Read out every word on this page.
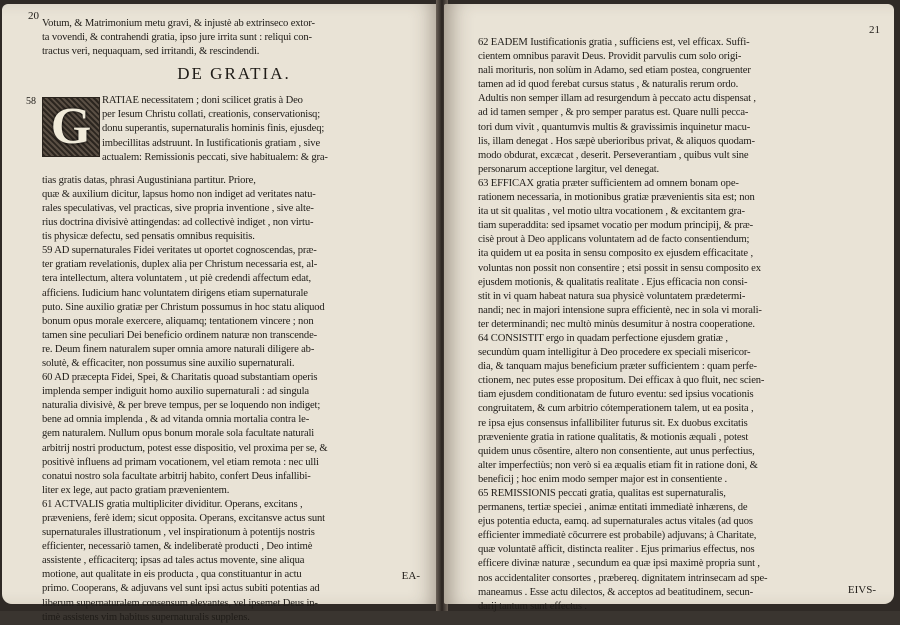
20
Votum, & Matrimonium metu gravi, & injustè ab extrinseco extor-
ta vovendi, & contrahendi gratia, ipso jure irrita sunt : reliqui con-
tractus veri, nequaquam, sed irritandi, & rescindendi.
DE GRATIA.
58 G RATIAE necessitatem ; doni scilicet gratis à Deo
per Iesum Christu collati, creationis, conservationisq;
donu superantis, supernaturalis hominis finis, ejusdeq;
imbecillitas adstruunt. In Iustificationis gratiam , sive
actualem: Remissionis peccati, sive habitualem: & gra-
tias gratis datas, phrasi Augustiniana partitur. Priore,
quæ & auxilium dicitur, lapsus homo non indiget ad veritates natu-
rales speculativas, vel practicas, sive propria inventione , sive alte-
rius doctrina divisivè attingendas: ad collectivè indiget , non virtu-
tis physicæ defectu, sed pensatis omnibus requisitis.
59 AD supernaturales Fidei veritates ut oportet cognoscendas, præ-
ter gratiam revelationis, duplex alia per Christum necessaria est, al-
tera intellectum, altera voluntatem , ut piè credendi affectum edat,
afficiens. Iudicium hanc voluntatem dirigens etiam supernaturale
puto. Sine auxilio gratiæ per Christum possumus in hoc statu aliquod
bonum opus morale exercere, aliquamq; tentationem vincere ; non
tamen sine peculiari Dei beneficio ordinem naturæ non transcende-
re. Deum finem naturalem super omnia amore naturali diligere ab-
solutè, & efficaciter, non possumus sine auxilio supernaturali.
60 AD præcepta Fidei, Spei, & Charitatis quoad substantiam operis
implenda semper indiguit homo auxilio supernaturali : ad singula
naturalia divisivè, & per breve tempus, per se loquendo non indiget;
bene ad omnia implenda , & ad vitanda omnia mortalia contra le-
gem naturalem. Nullum opus bonum morale sola facultate naturali
arbitrij nostri productum, potest esse dispositio, vel proxima per se, &
positivè influens ad primam vocationem, vel etiam remota : nec ulli
conatui nostro sola facultate arbitrij habito, confert Deus infallibi-
liter ex lege, aut pacto gratiam prævenientem.
61 ACTVALIS gratia multipliciter dividitur. Operans, excitans ,
præveniens, ferè idem; sicut opposita. Operans, excitansve actus sunt
supernaturales illustrationum , vel inspirationum à potentijs nostris
efficienter, necessariò tamen, & indeliberatè producti , Deo intimè
assistente , efficaciterq; ipsas ad tales actus movente, sine aliqua
motione, aut qualitate in eis producta , qua constituantur in actu
primo. Cooperans, & adjuvans vel sunt ipsi actus subiti potentias ad
liberum supernaturalem consensum elevantes, vel ipsemet Deus in-
timè assistens vim habitus supernaturalis supplens.
EA-
21
62 EADEM Iustificationis gratia , sufficiens est, vel efficax. Suffi-
cientem omnibus paravit Deus. Providit parvulis cum solo origi-
nali morituris, non solùm in Adamo, sed etiam postea, congruenter
tamen ad id quod ferebat cursus status , & naturalis rerum ordo.
Adultis non semper illam ad resurgendum à peccato actu dispensat ,
ad id tamen semper , & pro semper paratus est. Quare nulli pecca-
tori dum vivit , quantumvis multis & gravissimis inquinetur macu-
lis, illam denegat . Hos sæpè uberioribus privat, & aliquos quodam-
modo obdurat, excæcat , deserit. Perseverantiam , quibus vult sine
personarum acceptione largitur, vel denegat.
63 EFFICAX gratia præter sufficientem ad omnem bonam ope-
rationem necessaria, in motionibus gratiæ prævenientis sita est; non
ita ut sit qualitas , vel motio ultra vocationem , & excitantem gra-
tiam superaddita: sed ipsamet vocatio per modum principij, & præ-
cisè prout à Deo applicans voluntatem ad de facto consentiendum;
ita quidem ut ea posita in sensu composito ex ejusdem efficacitate ,
voluntas non possit non consentire ; etsi possit in sensu composito ex
ejusdem motionis, & qualitatis realitate . Ejus efficacia non consi-
stit in vi quam habeat natura sua physicè voluntatem prædetermi-
nandi; nec in majori intensione supra efficientè, nec in sola vi morali-
ter determinandi; nec multò minùs desumitur à nostra cooperatione.
64 CONSISTIT ergo in quadam perfectione ejusdem gratiæ ,
secundùm quam intelligitur à Deo procedere ex speciali misericor-
dia, & tanquam majus beneficium præter sufficientem : quam perfe-
ctionem, nec putes esse propositum. Dei efficax à quo fluit, nec scien-
tiam ejusdem conditionatam de futuro eventu: sed ipsius vocationis
congruitatem, & cum arbitrio cótemperationem talem, ut ea posita ,
re ipsa ejus consensus infallibiliter futurus sit. Ex duobus excitatis
præveniente gratia in ratione qualitatis, & motionis æquali , potest
quidem unus cōsentire, altero non consentiente, aut unus perfectius,
alter imperfectiùs; non verò si ea æqualis etiam fit in ratione doni, &
beneficij ; hoc enim modo semper major est in consentiente .
65 REMISSIONIS peccati gratia, qualitas est supernaturalis,
permanens, tertiæ speciei , animæ entitati immediatè inhærens, de
ejus potentia educta, eamq. ad supernaturales actus vitales (ad quos
efficienter immediatè cōcurrere est probabile) adjuvans; à Charitate,
quæ voluntatē afficit, distincta realiter . Ejus primarius effectus, nos
efficere divinæ naturæ , secundum ea quæ ipsi maximè propria sunt ,
nos accidentaliter consortes , præbereq. dignitatem intrinsecam ad spe-
maneamus . Esse actu dilectos, & acceptos ad beatitudinem, secun-
darij tantum sunt effectus .
EIVS-
